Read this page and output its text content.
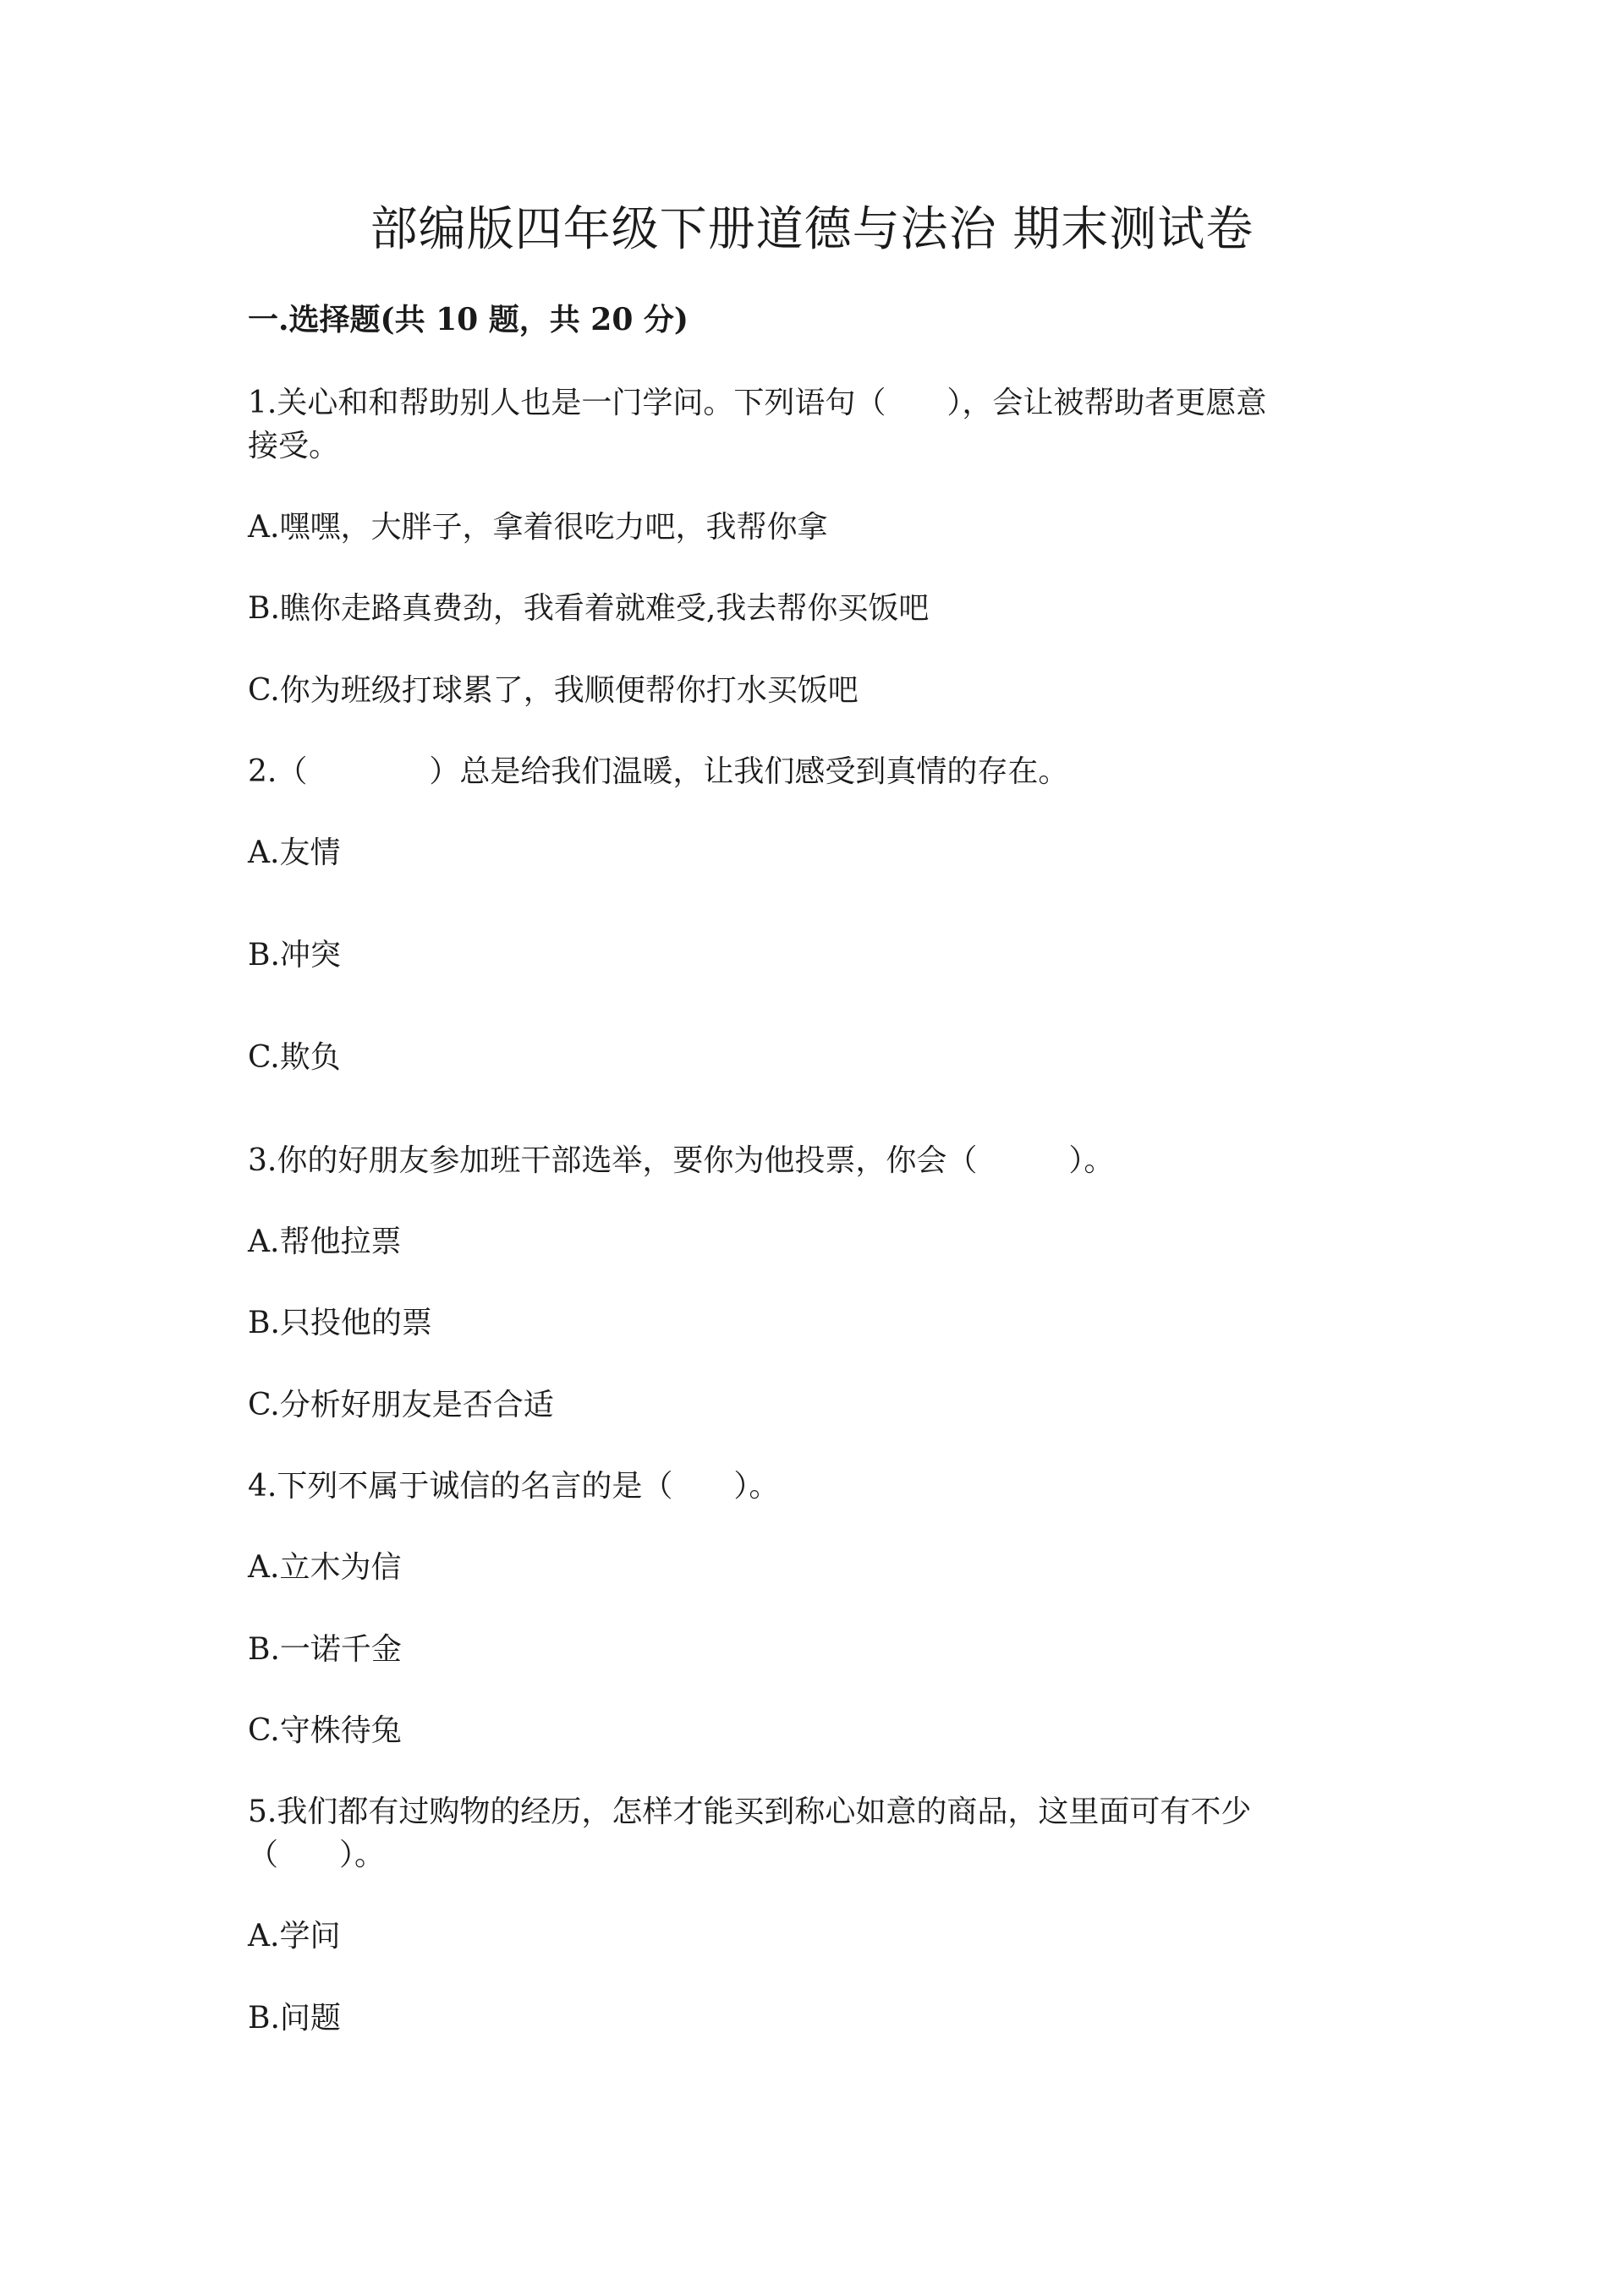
部编版四年级下册道德与法治 期末测试卷
一.选择题(共 10 题，共 20 分)
1.关心和和帮助别人也是一门学问。下列语句（　　），会让被帮助者更愿意
接受。
A.嘿嘿，大胖子，拿着很吃力吧，我帮你拿
B.瞧你走路真费劲，我看着就难受,我去帮你买饭吧
C.你为班级打球累了，我顺便帮你打水买饭吧
2.（　　　　）总是给我们温暖，让我们感受到真情的存在。
A.友情
B.冲突
C.欺负
3.你的好朋友参加班干部选举，要你为他投票，你会（　　　）。
A.帮他拉票
B.只投他的票
C.分析好朋友是否合适
4.下列不属于诚信的名言的是（　　）。
A.立木为信
B.一诺千金
C.守株待兔
5.我们都有过购物的经历，怎样才能买到称心如意的商品，这里面可有不少
（　　）。
A.学问
B.问题
